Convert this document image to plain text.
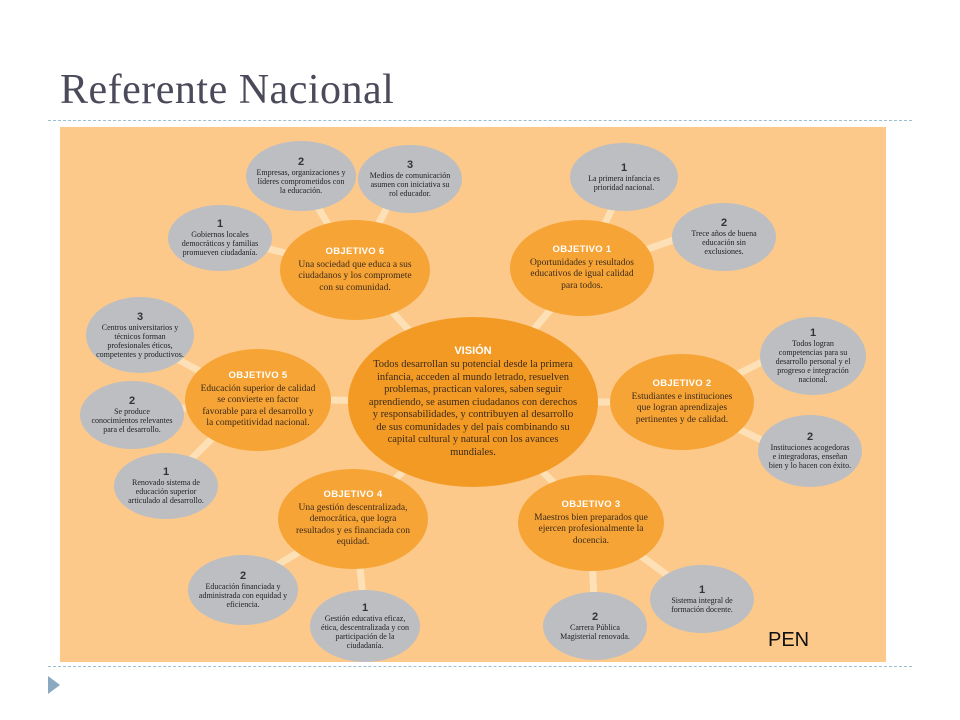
Referente Nacional
VISIÓN
Todos desarrollan su potencial desde la primera infancia, acceden al mundo letrado, resuelven problemas, practican valores, saben seguir aprendiendo, se asumen ciudadanos con derechos y responsabilidades, y contribuyen al desarrollo de sus comunidades y del país combinando su capital cultural y natural con los avances mundiales.
OBJETIVO 1
Oportunidades y resultados educativos de igual calidad para todos.
1
La primera infancia es prioridad nacional.
2
Trece años de buena educación sin exclusiones.
OBJETIVO 2
Estudiantes e instituciones que logran aprendizajes pertinentes y de calidad.
1
Todos logran competencias para su desarrollo personal y el progreso e integración nacional.
2
Instituciones acogedoras e integradoras, enseñan bien y lo hacen con éxito.
OBJETIVO 3
Maestros bien preparados que ejercen profesionalmente la docencia.
1
Sistema integral de formación docente.
2
Carrera Pública Magisterial renovada.
OBJETIVO 4
Una gestión descentralizada, democrática, que logra resultados y es financiada con equidad.
1
Gestión educativa eficaz, ética, descentralizada y con participación de la ciudadanía.
2
Educación financiada y administrada con equidad y eficiencia.
OBJETIVO 5
Educación superior de calidad se convierte en factor favorable para el desarrollo y la competitividad nacional.
1
Renovado sistema de educación superior articulado al desarrollo.
2
Se produce conocimientos relevantes para el desarrollo.
3
Centros universitarios y técnicos forman profesionales éticos, competentes y productivos.
OBJETIVO 6
Una sociedad que educa a sus ciudadanos y los compromete con su comunidad.
1
Gobiernos locales democráticos y familias promueven ciudadanía.
2
Empresas, organizaciones y líderes comprometidos con la educación.
3
Medios de comunicación asumen con iniciativa su rol educador.
PEN
